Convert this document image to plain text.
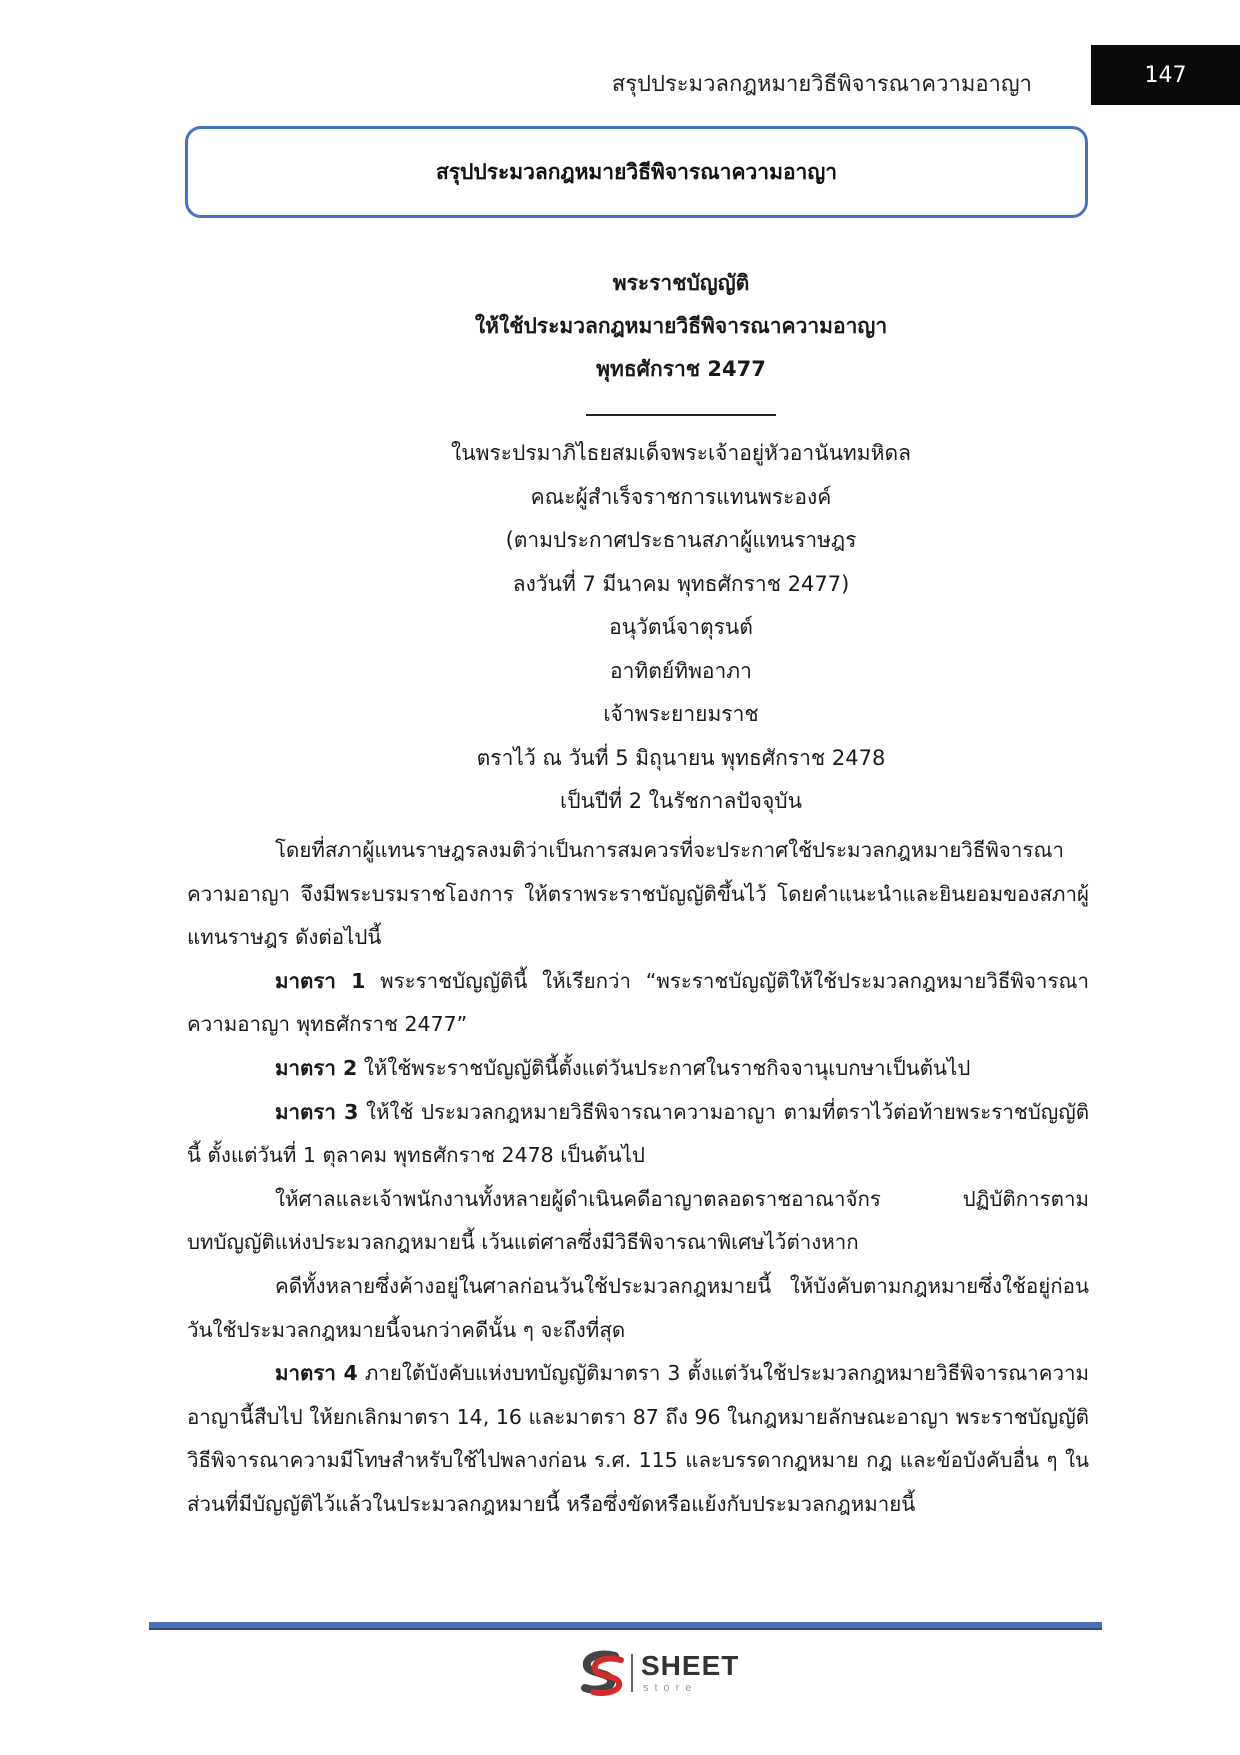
สรุปประมวลกฎหมายวิธีพิจารณาความอาญา	147
สรุปประมวลกฎหมายวิธีพิจารณาความอาญา
พระราชบัญญัติ
ให้ใช้ประมวลกฎหมายวิธีพิจารณาความอาญา
พุทธศักราช 2477
ในพระปรมาภิไธยสมเด็จพระเจ้าอยู่หัวอานันทมหิดล
คณะผู้สำเร็จราชการแทนพระองค์
(ตามประกาศประธานสภาผู้แทนราษฎร
ลงวันที่ 7 มีนาคม พุทธศักราช 2477)
อนุวัตน์จาตุรนต์
อาทิตย์ทิพอาภา
เจ้าพระยายมราช
ตราไว้ ณ วันที่ 5 มิถุนายน พุทธศักราช 2478
เป็นปีที่ 2 ในรัชกาลปัจจุบัน

โดยที่สภาผู้แทนราษฎรลงมติว่าเป็นการสมควรที่จะประกาศใช้ประมวลกฎหมายวิธีพิจารณาความอาญา จึงมีพระบรมราชโองการ ให้ตราพระราชบัญญัติขึ้นไว้ โดยคำแนะนำและยินยอมของสภาผู้แทนราษฎร ดังต่อไปนี้

มาตรา 1 พระราชบัญญัตินี้ ให้เรียกว่า “พระราชบัญญัติให้ใช้ประมวลกฎหมายวิธีพิจารณาความอาญา พุทธศักราช 2477”

มาตรา 2 ให้ใช้พระราชบัญญัตินี้ตั้งแต่วันประกาศในราชกิจจานุเบกษาเป็นต้นไป

มาตรา 3 ให้ใช้ ประมวลกฎหมายวิธีพิจารณาความอาญา ตามที่ตราไว้ต่อท้ายพระราชบัญญัตินี้ ตั้งแต่วันที่ 1 ตุลาคม พุทธศักราช 2478 เป็นต้นไป

ให้ศาลและเจ้าพนักงานทั้งหลายผู้ดำเนินคดีอาญาตลอดราชอาณาจักร ปฏิบัติการตามบทบัญญัติแห่งประมวลกฎหมายนี้ เว้นแต่ศาลซึ่งมีวิธีพิจารณาพิเศษไว้ต่างหาก

คดีทั้งหลายซึ่งค้างอยู่ในศาลก่อนวันใช้ประมวลกฎหมายนี้ ให้บังคับตามกฎหมายซึ่งใช้อยู่ก่อนวันใช้ประมวลกฎหมายนี้จนกว่าคดีนั้น ๆ จะถึงที่สุด

มาตรา 4 ภายใต้บังคับแห่งบทบัญญัติมาตรา 3 ตั้งแต่วันใช้ประมวลกฎหมายวิธีพิจารณาความอาญานี้สืบไป ให้ยกเลิกมาตรา 14, 16 และมาตรา 87 ถึง 96 ในกฎหมายลักษณะอาญา พระราชบัญญัติวิธีพิจารณาความมีโทษสำหรับใช้ไปพลางก่อน ร.ศ. 115 และบรรดากฎหมาย กฎ และข้อบังคับอื่น ๆ ในส่วนที่มีบัญญัติไว้แล้วในประมวลกฎหมายนี้ หรือซึ่งขัดหรือแย้งกับประมวลกฎหมายนี้

SHEET
store
